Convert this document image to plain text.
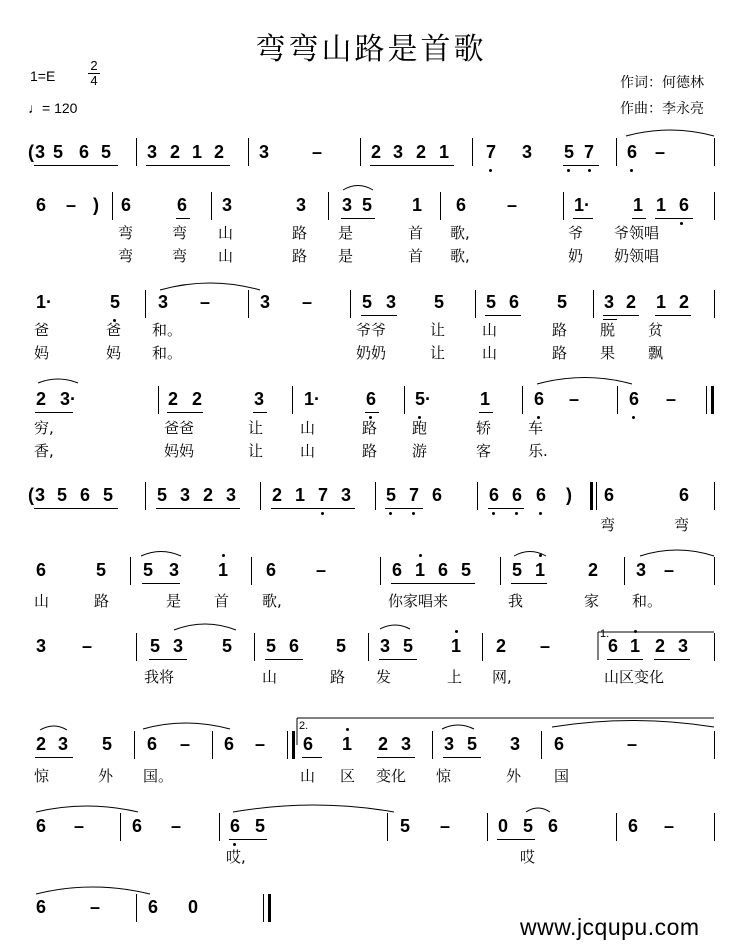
弯弯山路是首歌
1=E
2
4
♩= 120
作词：何德林
作曲：李永亮
( 3 5 6 5 3 2 1 2 3 –	2 3 2 1 7 3 5 7 6 –
6 – ) 6	6 3	3 3 5 1 6 –	1· 1 1 6
弯	弯 山	路 是	首 歌,	爷 爷领唱
弯	弯 山	路 是	首 歌,	奶 奶领唱
1·	5 3 –	3 –	5 3 5 5 6 5 3 2 1 2
爸	爸 和。	爷爷	让 山	路 脱 贫
妈	妈 和。	奶奶	让 山	路 果 飘
2 3·	2 2	3 1·	6 5·	1 6 –	6 –
穷,	爸爸	让 山	路 跑	轿 车
香,	妈妈	让 山	路 游	客 乐.
( 3 5 6 5 5 3 2 3 2 1 7 3 5 7 6	6 6 6 ) 6	6
弯	弯
6	5 5 3 1 6 –	6 1 6 5 5 1 2 3 –
山	路	是 首 歌,	你家唱来	我	家 和。
3 –	5 3 5 5 6 5 3 5 1 2 –
1.
6 1 2 3
我将	山	路 发	上 网,	山区变化
2 3 5 6 – 6 –
2.
6 1 2 3 3 5 3 6	–
惊	外 国。	山 区 变化 惊	外 国
6 –	6 –	6 5	5 –	0 5 6	6 –
哎,	哎
6 –	6 0
www.jcqupu.com
